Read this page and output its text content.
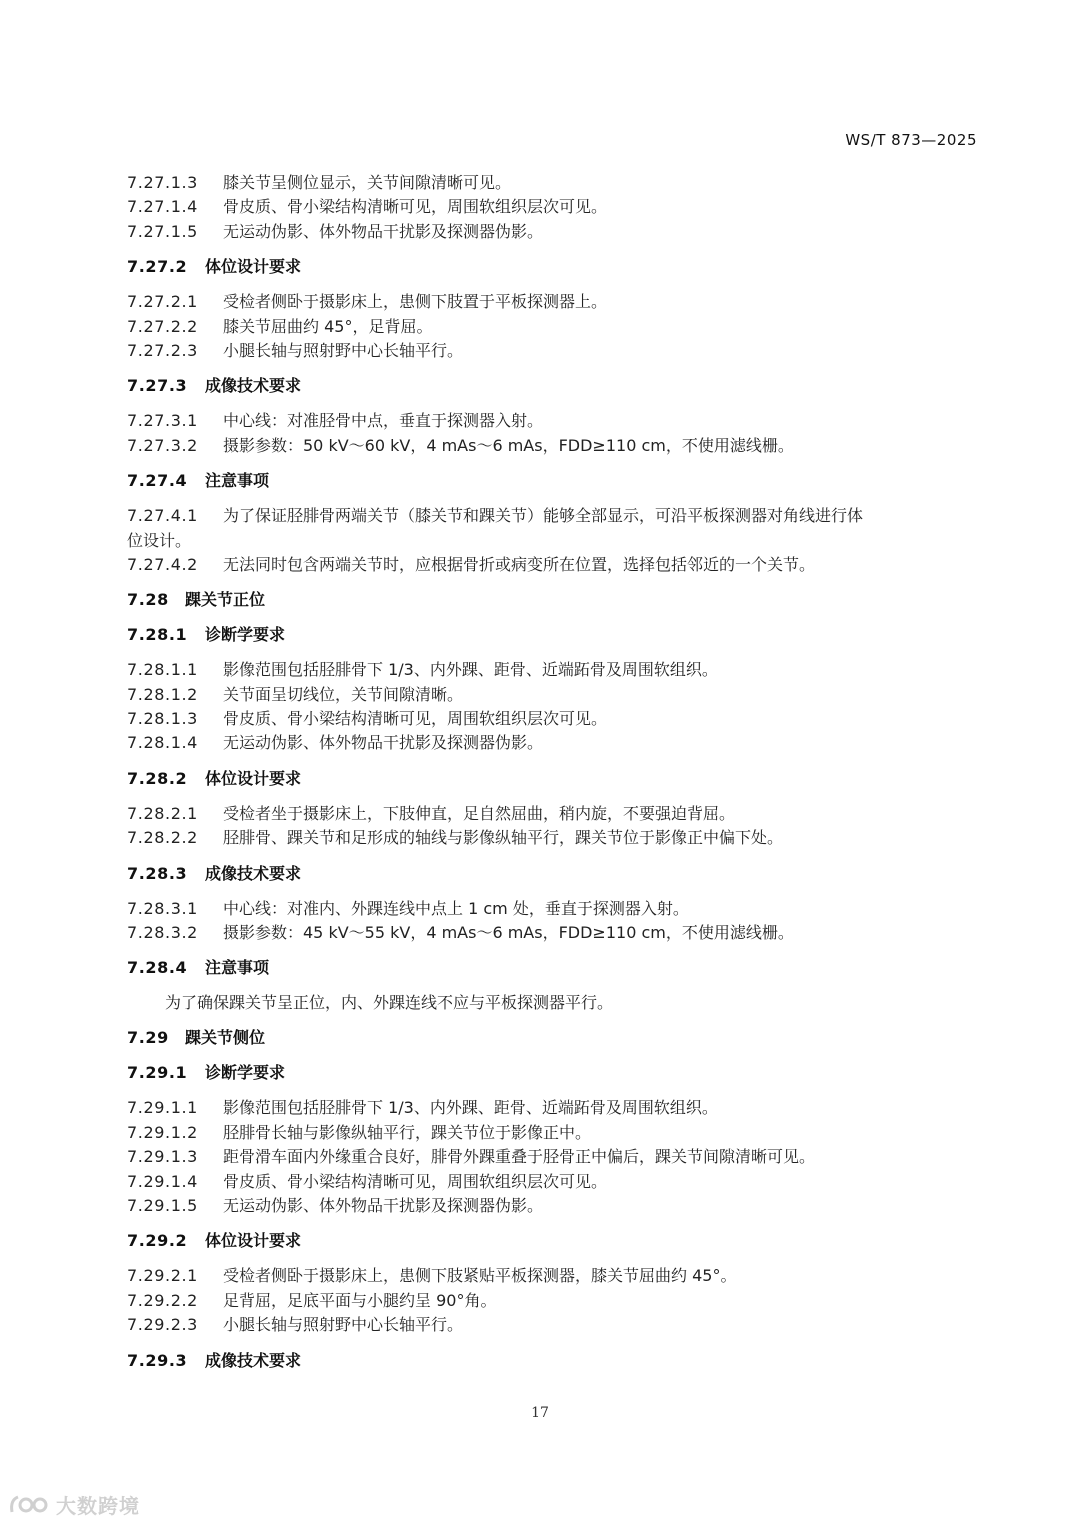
WS/T 873—2025
7.27.1.3 膝关节呈侧位显示，关节间隙清晰可见。
7.27.1.4 骨皮质、骨小梁结构清晰可见，周围软组织层次可见。
7.27.1.5 无运动伪影、体外物品干扰影及探测器伪影。
7.27.2 体位设计要求
7.27.2.1 受检者侧卧于摄影床上，患侧下肢置于平板探测器上。
7.27.2.2 膝关节屈曲约 45°，足背屈。
7.27.2.3 小腿长轴与照射野中心长轴平行。
7.27.3 成像技术要求
7.27.3.1 中心线：对准胫骨中点，垂直于探测器入射。
7.27.3.2 摄影参数：50 kV～60 kV，4 mAs～6 mAs，FDD≥110 cm，不使用滤线栅。
7.27.4 注意事项
7.27.4.1 为了保证胫腓骨两端关节（膝关节和踝关节）能够全部显示，可沿平板探测器对角线进行体
位设计。
7.27.4.2 无法同时包含两端关节时，应根据骨折或病变所在位置，选择包括邻近的一个关节。
7.28 踝关节正位
7.28.1 诊断学要求
7.28.1.1 影像范围包括胫腓骨下 1/3、内外踝、距骨、近端跖骨及周围软组织。
7.28.1.2 关节面呈切线位，关节间隙清晰。
7.28.1.3 骨皮质、骨小梁结构清晰可见，周围软组织层次可见。
7.28.1.4 无运动伪影、体外物品干扰影及探测器伪影。
7.28.2 体位设计要求
7.28.2.1 受检者坐于摄影床上，下肢伸直，足自然屈曲，稍内旋，不要强迫背屈。
7.28.2.2 胫腓骨、踝关节和足形成的轴线与影像纵轴平行，踝关节位于影像正中偏下处。
7.28.3 成像技术要求
7.28.3.1 中心线：对准内、外踝连线中点上 1 cm 处，垂直于探测器入射。
7.28.3.2 摄影参数：45 kV～55 kV，4 mAs～6 mAs，FDD≥110 cm，不使用滤线栅。
7.28.4 注意事项
为了确保踝关节呈正位，内、外踝连线不应与平板探测器平行。
7.29 踝关节侧位
7.29.1 诊断学要求
7.29.1.1 影像范围包括胫腓骨下 1/3、内外踝、距骨、近端跖骨及周围软组织。
7.29.1.2 胫腓骨长轴与影像纵轴平行，踝关节位于影像正中。
7.29.1.3 距骨滑车面内外缘重合良好，腓骨外踝重叠于胫骨正中偏后，踝关节间隙清晰可见。
7.29.1.4 骨皮质、骨小梁结构清晰可见，周围软组织层次可见。
7.29.1.5 无运动伪影、体外物品干扰影及探测器伪影。
7.29.2 体位设计要求
7.29.2.1 受检者侧卧于摄影床上，患侧下肢紧贴平板探测器，膝关节屈曲约 45°。
7.29.2.2 足背屈，足底平面与小腿约呈 90°角。
7.29.2.3 小腿长轴与照射野中心长轴平行。
7.29.3 成像技术要求
17
大数跨境
